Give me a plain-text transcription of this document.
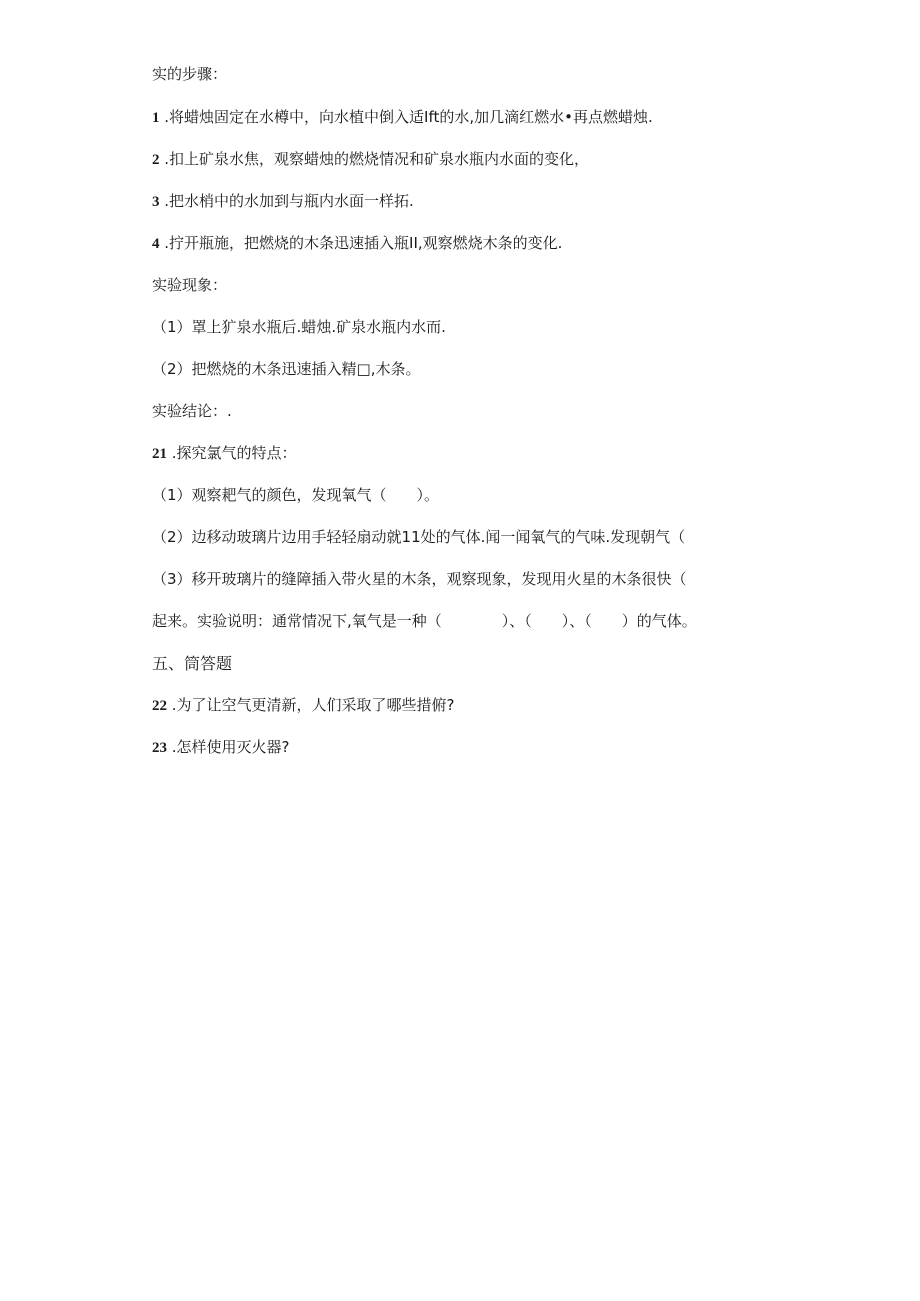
实的步骤：
1 .将蜡烛固定在水樽中，向水植中倒入适Ift的水,加几滴红燃水•再点燃蜡烛.
2 .扣上矿泉水焦，观察蜡烛的燃烧情况和矿泉水瓶内水面的变化，
3 .把水梢中的水加到与瓶内水面一样拓.
4 .拧开瓶施，把燃烧的木条迅速插入瓶II,观察燃烧木条的变化.
实验现象：
（1）罩上犷泉水瓶后.蜡烛.矿泉水瓶内水而.
（2）把燃烧的木条迅速插入精□,木条。
实验结论：.
21 .探究氯气的特点：
（1）观察耙气的颜色，发现氧气（　　）。
（2）边移动玻璃片边用手轻轻扇动就11处的气体.闻一闻氧气的气味.发现朝气（
（3）移开玻璃片的缝障插入带火星的木条，观察现象，发现用火星的木条很快（
起来。实验说明：通常情况下,氧气是一种（　　　　）、（　　）、（　　）的气体。
五、筒答题
22 .为了让空气更清新，人们采取了哪些措俯?
23 .怎样使用灭火器?
